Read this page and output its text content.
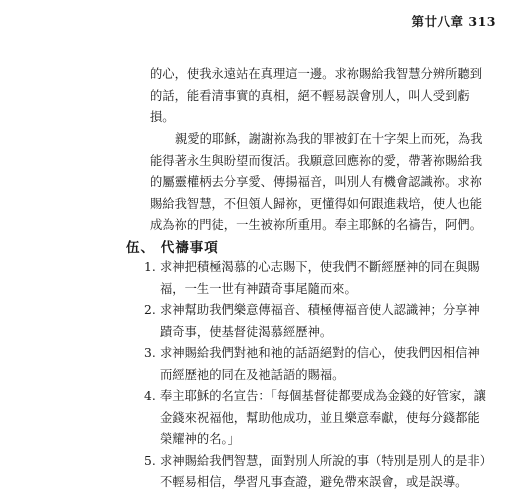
第廿八章 313

的心，使我永遠站在真理這一邊。求祢賜給我智慧分辨所聽到的話，能看清事實的真相，絕不輕易誤會別人，叫人受到虧損。

親愛的耶穌，謝謝祢為我的罪被釘在十字架上而死，為我能得著永生與盼望而復活。我願意回應祢的愛，帶著祢賜給我的屬靈權柄去分享愛、傳揚福音，叫別人有機會認識祢。求祢賜給我智慧，不但領人歸祢，更懂得如何跟進栽培，使人也能成為祢的門徒，一生被祢所重用。奉主耶穌的名禱告，阿們。

伍、 代禱事項
1. 求神把積極渴慕的心志賜下，使我們不斷經歷神的同在與賜福，一生一世有神蹟奇事尾隨而來。
2. 求神幫助我們樂意傳福音、積極傳福音使人認識神；分享神蹟奇事，使基督徒渴慕經歷神。
3. 求神賜給我們對祂和祂的話語絕對的信心，使我們因相信神而經歷祂的同在及祂話語的賜福。
4. 奉主耶穌的名宣告：「每個基督徒都要成為金錢的好管家，讓金錢來祝福他，幫助他成功，並且樂意奉獻，使每分錢都能榮耀神的名。」
5. 求神賜給我們智慧，面對別人所說的事（特別是別人的是非）不輕易相信，學習凡事查證，避免帶來誤會，或是誤導。
